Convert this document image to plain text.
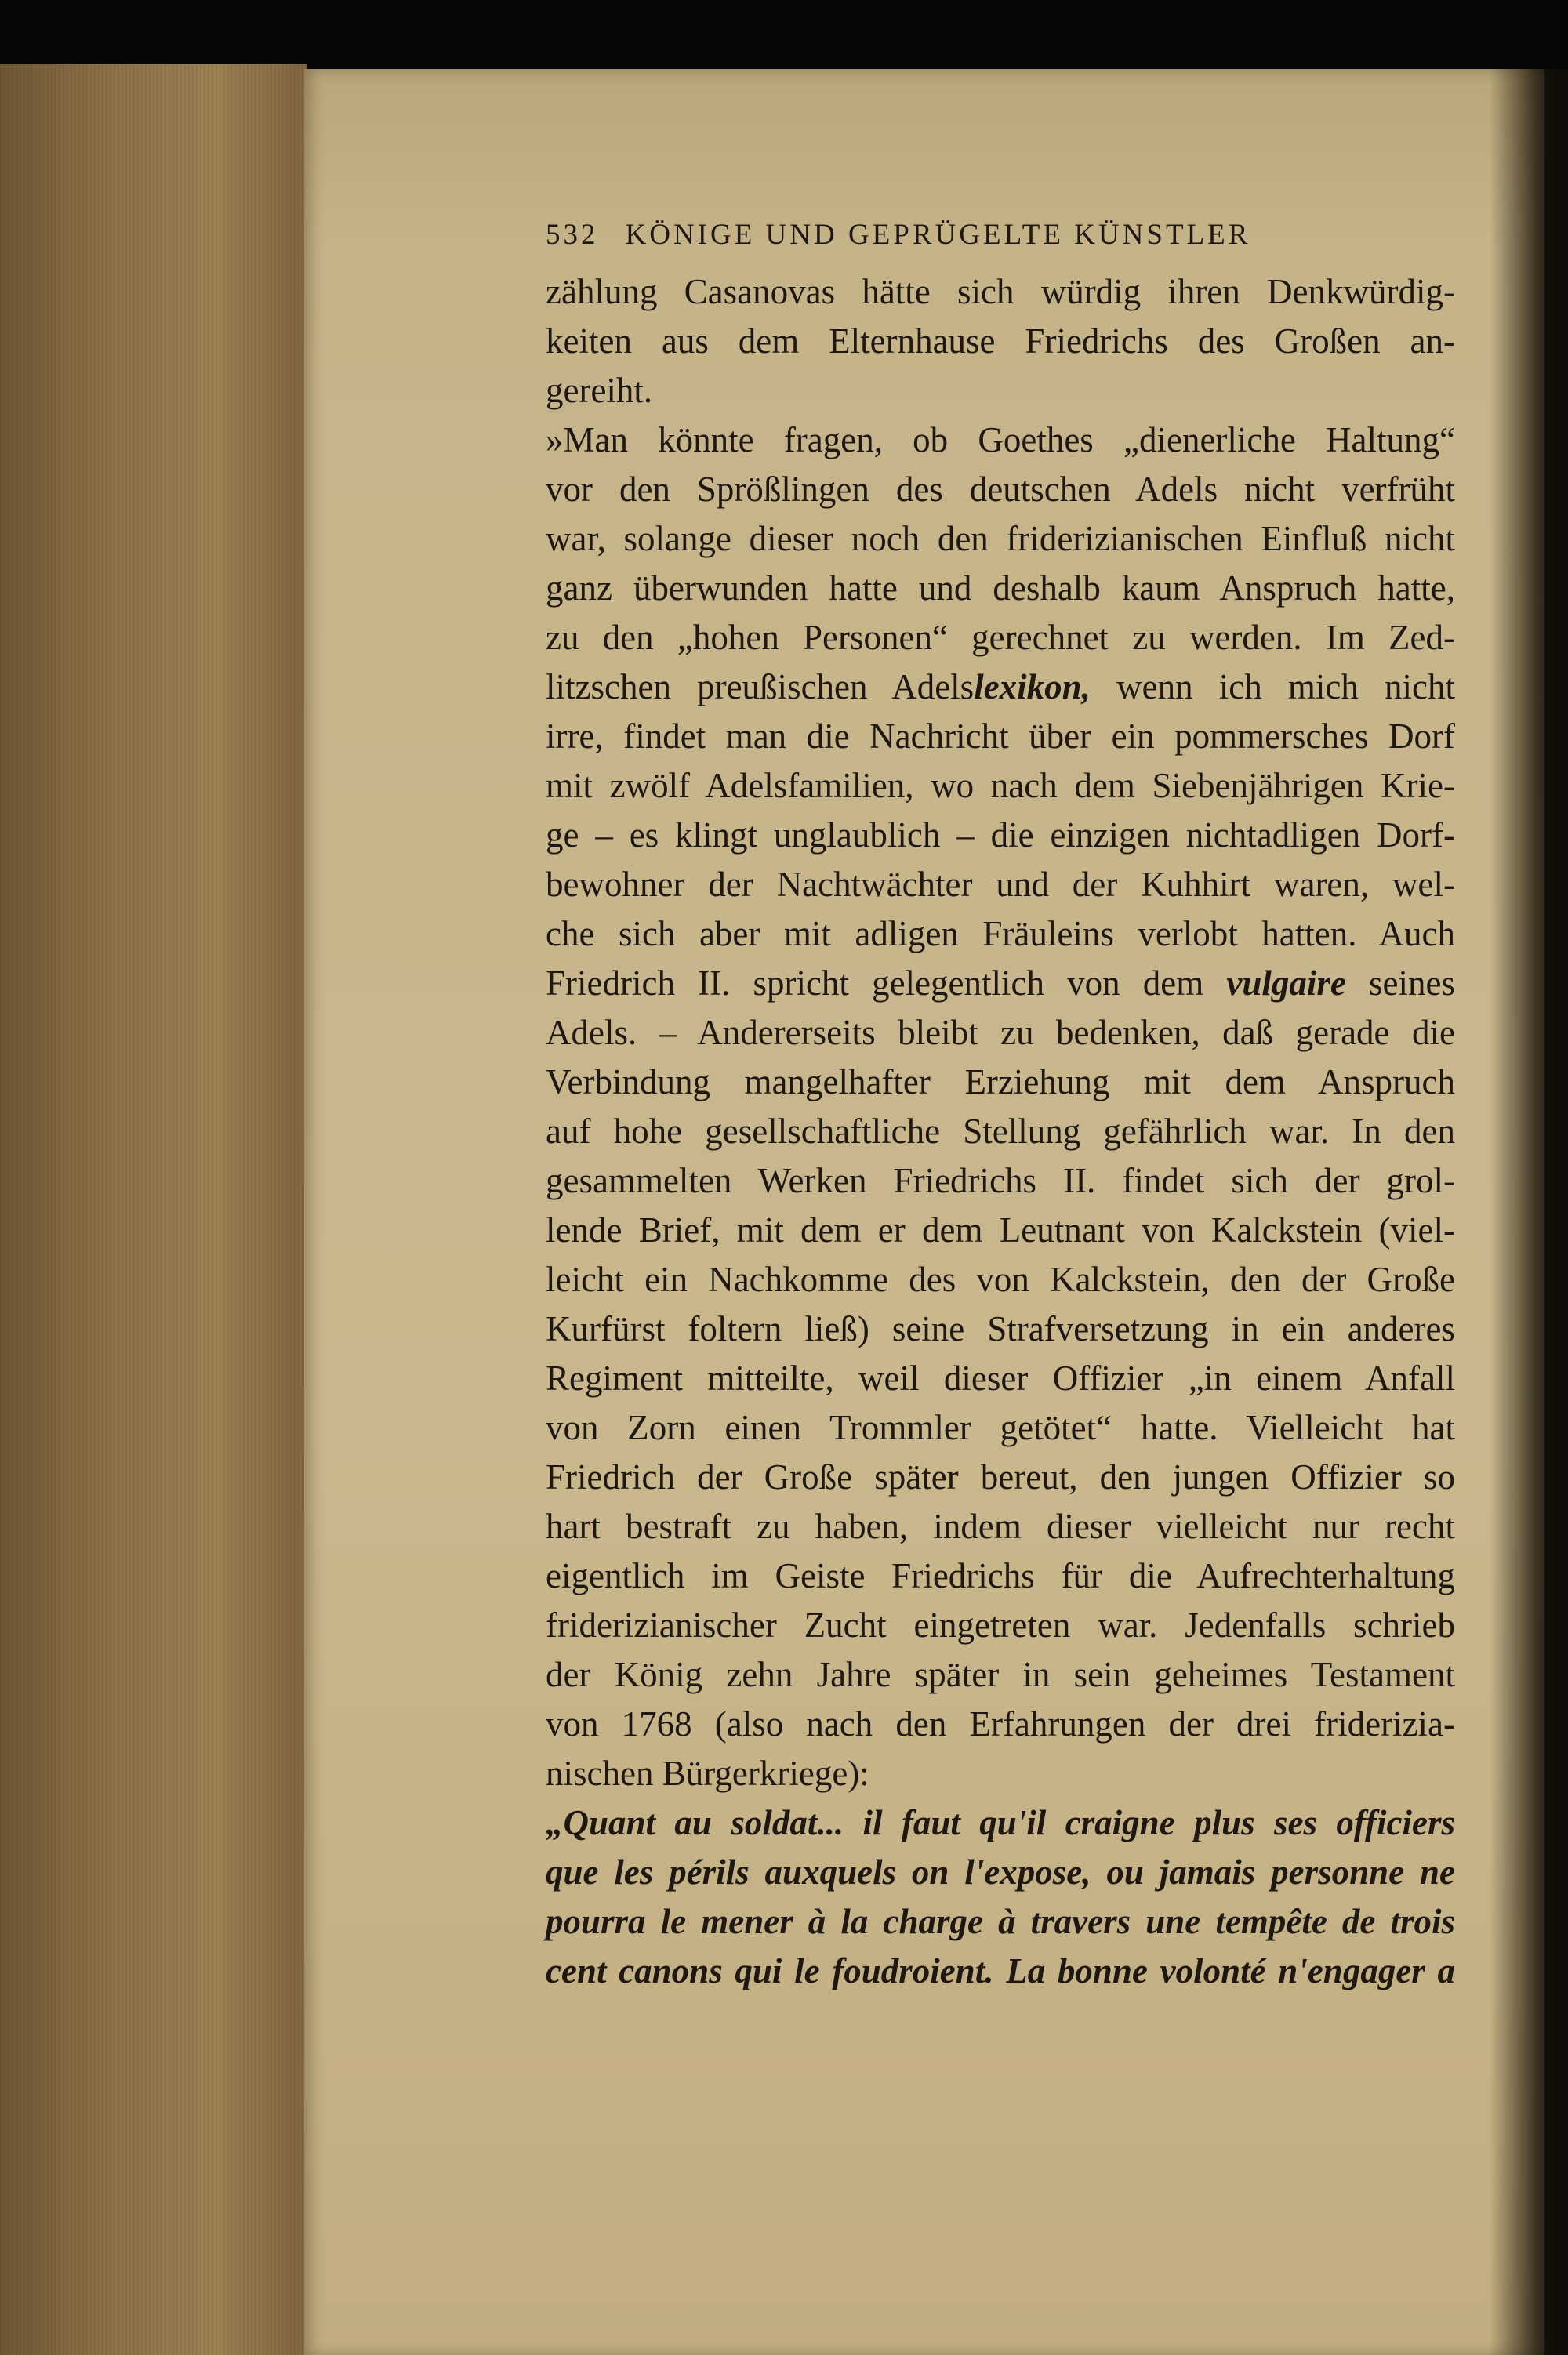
532 KÖNIGE UND GEPRÜGELTE KÜNSTLER
zählung Casanovas hätte sich würdig ihren Denkwürdig-
keiten aus dem Elternhause Friedrichs des Großen an-
gereiht.
»Man könnte fragen, ob Goethes „dienerliche Haltung“
vor den Sprößlingen des deutschen Adels nicht verfrüht
war, solange dieser noch den friderizianischen Einfluß nicht
ganz überwunden hatte und deshalb kaum Anspruch hatte,
zu den „hohen Personen“ gerechnet zu werden. Im Zed-
litzschen preußischen Adelslexikon, wenn ich mich nicht
irre, findet man die Nachricht über ein pommersches Dorf
mit zwölf Adelsfamilien, wo nach dem Siebenjährigen Krie-
ge – es klingt unglaublich – die einzigen nichtadligen Dorf-
bewohner der Nachtwächter und der Kuhhirt waren, wel-
che sich aber mit adligen Fräuleins verlobt hatten. Auch
Friedrich II. spricht gelegentlich von dem vulgaire seines
Adels. – Andererseits bleibt zu bedenken, daß gerade die
Verbindung mangelhafter Erziehung mit dem Anspruch
auf hohe gesellschaftliche Stellung gefährlich war. In den
gesammelten Werken Friedrichs II. findet sich der grol-
lende Brief, mit dem er dem Leutnant von Kalckstein (viel-
leicht ein Nachkomme des von Kalckstein, den der Große
Kurfürst foltern ließ) seine Strafversetzung in ein anderes
Regiment mitteilte, weil dieser Offizier „in einem Anfall
von Zorn einen Trommler getötet“ hatte. Vielleicht hat
Friedrich der Große später bereut, den jungen Offizier so
hart bestraft zu haben, indem dieser vielleicht nur recht
eigentlich im Geiste Friedrichs für die Aufrechterhaltung
friderizianischer Zucht eingetreten war. Jedenfalls schrieb
der König zehn Jahre später in sein geheimes Testament
von 1768 (also nach den Erfahrungen der drei friderizia-
nischen Bürgerkriege):
„Quant au soldat... il faut qu'il craigne plus ses officiers
que les périls auxquels on l'expose, ou jamais personne ne
pourra le mener à la charge à travers une tempête de trois
cent canons qui le foudroient. La bonne volonté n'engager a
